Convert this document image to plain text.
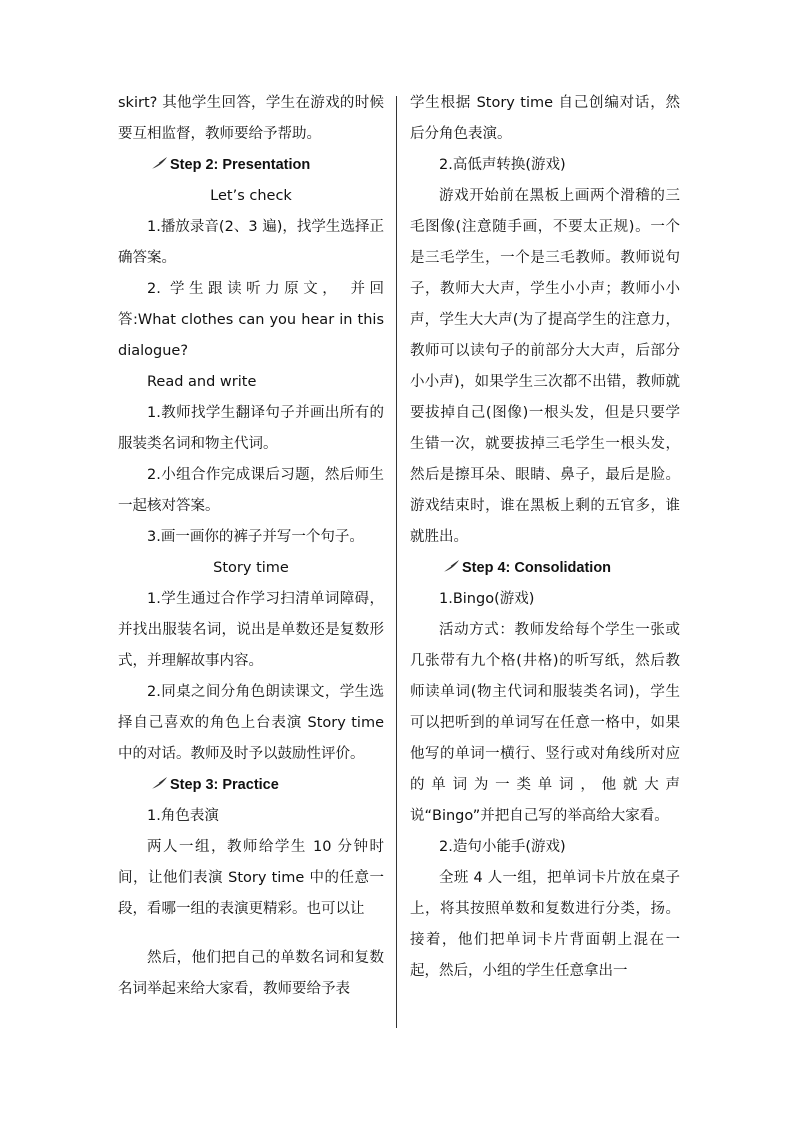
skirt? 其他学生回答，学生在游戏的时候要互相监督，教师要给予帮助。

Step 2: Presentation

Let’s check

1.播放录音(2、3 遍)，找学生选择正确答案。

2. 学生跟读听力原文， 并回答:What clothes can you hear in this dialogue?

Read and write

1.教师找学生翻译句子并画出所有的服装类名词和物主代词。

2.小组合作完成课后习题，然后师生一起核对答案。

3.画一画你的裤子并写一个句子。

Story time

1.学生通过合作学习扫清单词障碍，并找出服装名词，说出是单数还是复数形式，并理解故事内容。

2.同桌之间分角色朗读课文，学生选择自己喜欢的角色上台表演 Story time 中的对话。教师及时予以鼓励性评价。

Step 3: Practice

1.角色表演

两人一组，教师给学生 10 分钟时间，让他们表演 Story time 中的任意一段，看哪一组的表演更精彩。也可以让

然后，他们把自己的单数名词和复数名词举起来给大家看，教师要给予表

学生根据 Story time 自己创编对话，然后分角色表演。

2.高低声转换(游戏)

游戏开始前在黑板上画两个滑稽的三毛图像(注意随手画，不要太正规)。一个是三毛学生，一个是三毛教师。教师说句子，教师大大声，学生小小声；教师小小声，学生大大声(为了提高学生的注意力，教师可以读句子的前部分大大声，后部分小小声)，如果学生三次都不出错，教师就要拔掉自己(图像)一根头发，但是只要学生错一次，就要拔掉三毛学生一根头发，然后是擦耳朵、眼睛、鼻子，最后是脸。游戏结束时，谁在黑板上剩的五官多，谁就胜出。

Step 4: Consolidation

1.Bingo(游戏)

活动方式：教师发给每个学生一张或几张带有九个格(井格)的听写纸，然后教师读单词(物主代词和服装类名词)，学生可以把听到的单词写在任意一格中，如果他写的单词一横行、竖行或对角线所对应的单词为一类单词，他就大声说“Bingo”并把自己写的举高给大家看。

2.造句小能手(游戏)

全班 4 人一组，把单词卡片放在桌子上，将其按照单数和复数进行分类，扬。接着，他们把单词卡片背面朝上混在一起，然后，小组的学生任意拿出一
